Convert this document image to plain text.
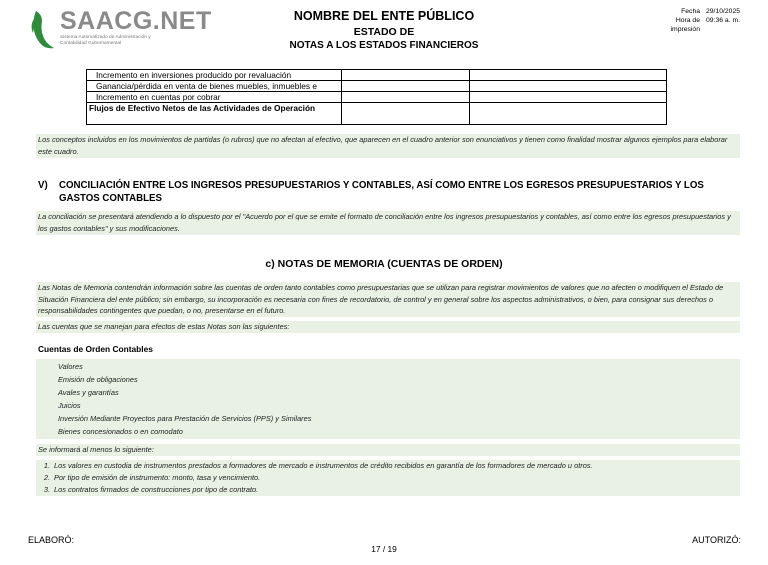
SAACG.NET
Sistema Automatizado de Administración y
Contabilidad Gubernamental
NOMBRE DEL ENTE PÚBLICO
ESTADO DE
NOTAS A LOS ESTADOS FINANCIEROS
Fecha 29/10/2025
Hora de impresión
09:36 a. m.
Incremento en inversiones producido por revaluación		
Ganancia/pérdida en venta de bienes muebles, inmuebles e		
Incremento en cuentas por cobrar		
Flujos de Efectivo Netos de las Actividades de Operación		
Los conceptos incluidos en los movimientos de partidas (o rubros) que no afectan al efectivo, que aparecen en el cuadro anterior son enunciativos y tienen como finalidad mostrar algunos ejemplos para elaborar este cuadro.
V)	CONCILIACIÓN ENTRE LOS INGRESOS PRESUPUESTARIOS Y CONTABLES, ASÍ COMO ENTRE LOS EGRESOS PRESUPUESTARIOS Y LOS GASTOS CONTABLES
La conciliación se presentará atendiendo a lo dispuesto por el "Acuerdo por el que se emite el formato de conciliación entre los ingresos presupuestarios y contables, así como entre los egresos presupuestarios y los gastos contables" y sus modificaciones.
c) NOTAS DE MEMORIA (CUENTAS DE ORDEN)
Las Notas de Memoria contendrán información sobre las cuentas de orden tanto contables como presupuestarias que se utilizan para registrar movimientos de valores que no afecten o modifiquen el Estado de Situación Financiera del ente público; sin embargo, su incorporación es necesaria con fines de recordatorio, de control y en general sobre los aspectos administrativos, o bien, para consignar sus derechos o responsabilidades contingentes que puedan, o no, presentarse en el futuro.
Las cuentas que se manejan para efectos de estas Notas son las siguientes:
Cuentas de Orden Contables
Valores
Emisión de obligaciones
Avales y garantías
Juicios
Inversión Mediante Proyectos para Prestación de Servicios (PPS) y Similares
Bienes concesionados o en comodato
Se informará al menos lo siguiente:
1. Los valores en custodia de instrumentos prestados a formadores de mercado e instrumentos de crédito recibidos en garantía de los formadores de mercado u otros.
2. Por tipo de emisión de instrumento: monto, tasa y vencimiento.
3. Los contratos firmados de construcciones por tipo de contrato.
ELABORÓ:	AUTORIZÓ:
17 / 19
